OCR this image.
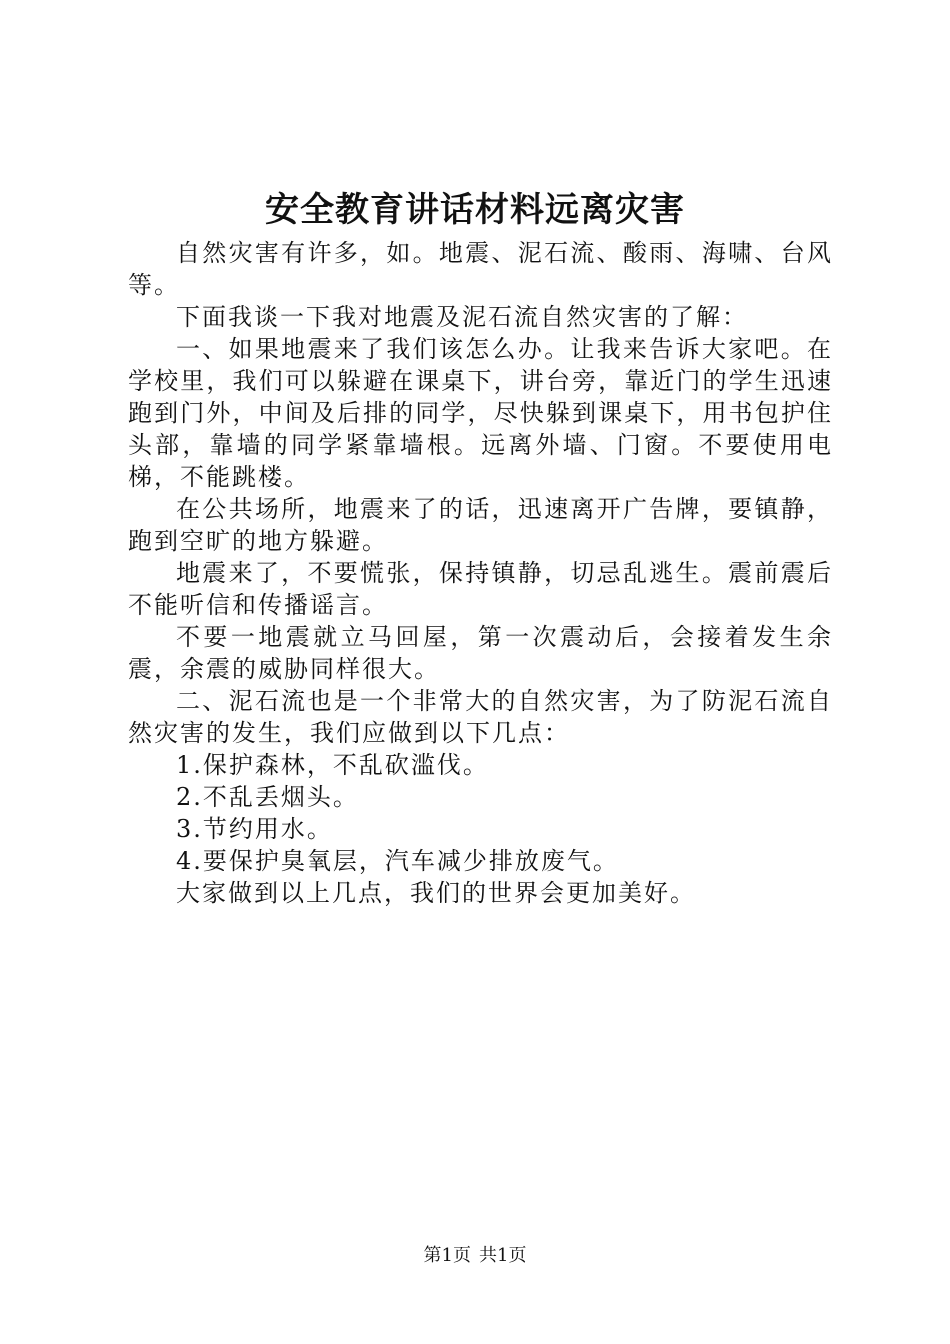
安全教育讲话材料远离灾害

自然灾害有许多，如。地震、泥石流、酸雨、海啸、台风等。

下面我谈一下我对地震及泥石流自然灾害的了解：

一、如果地震来了我们该怎么办。让我来告诉大家吧。在学校里，我们可以躲避在课桌下，讲台旁，靠近门的学生迅速跑到门外，中间及后排的同学，尽快躲到课桌下，用书包护住头部，靠墙的同学紧靠墙根。远离外墙、门窗。不要使用电梯，不能跳楼。

在公共场所，地震来了的话，迅速离开广告牌，要镇静，跑到空旷的地方躲避。

地震来了，不要慌张，保持镇静，切忌乱逃生。震前震后不能听信和传播谣言。

不要一地震就立马回屋，第一次震动后，会接着发生余震，余震的威胁同样很大。

二、泥石流也是一个非常大的自然灾害，为了防泥石流自然灾害的发生，我们应做到以下几点：

1.保护森林，不乱砍滥伐。

2.不乱丢烟头。

3.节约用水。

4.要保护臭氧层，汽车减少排放废气。

大家做到以上几点，我们的世界会更加美好。

第1页 共1页
